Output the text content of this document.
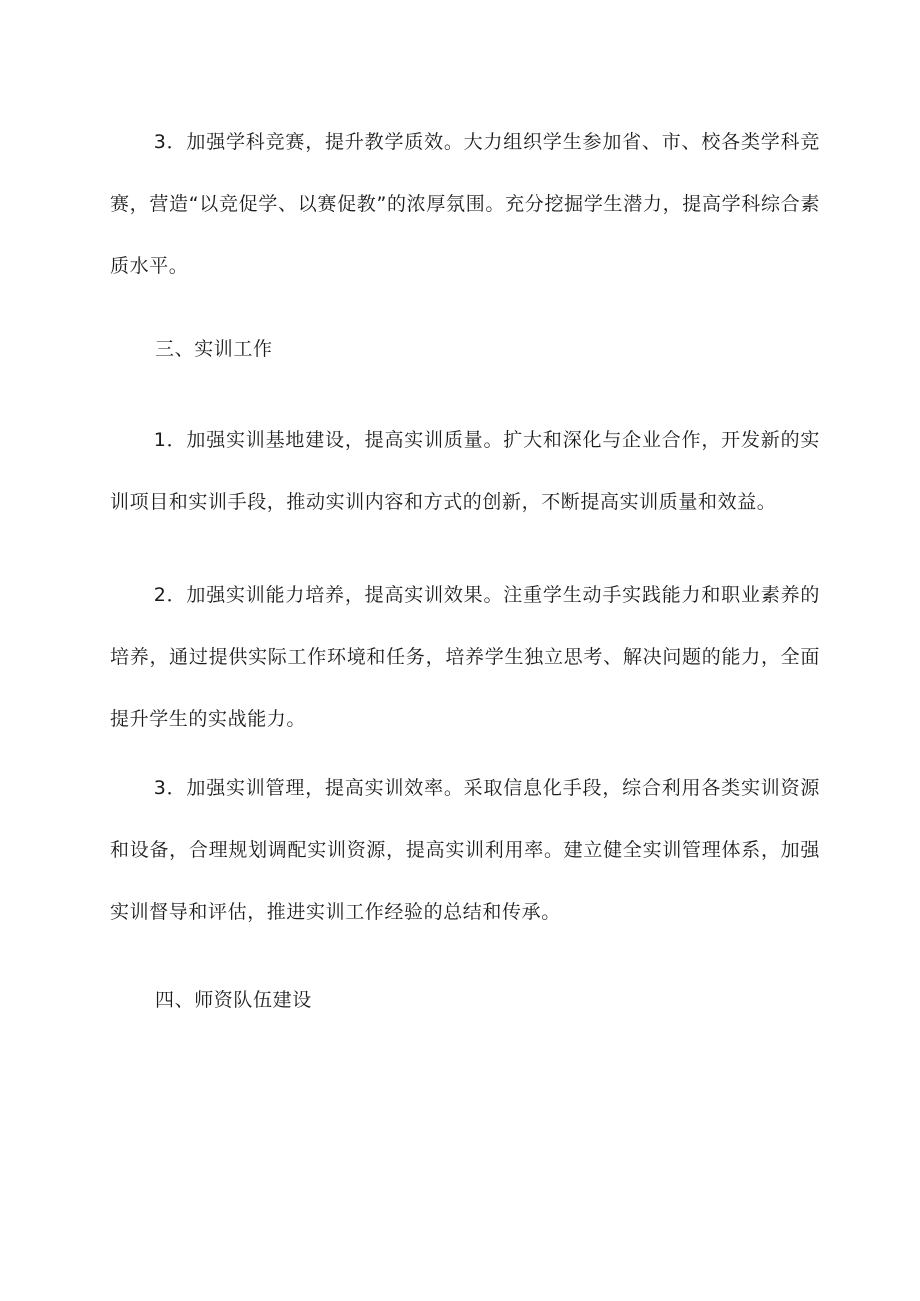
3．加强学科竞赛，提升教学质效。大力组织学生参加省、市、校各类学科竞赛，营造“以竞促学、以赛促教”的浓厚氛围。充分挖掘学生潜力，提高学科综合素质水平。

三、实训工作

1．加强实训基地建设，提高实训质量。扩大和深化与企业合作，开发新的实训项目和实训手段，推动实训内容和方式的创新，不断提高实训质量和效益。

2．加强实训能力培养，提高实训效果。注重学生动手实践能力和职业素养的培养，通过提供实际工作环境和任务，培养学生独立思考、解决问题的能力，全面提升学生的实战能力。

3．加强实训管理，提高实训效率。采取信息化手段，综合利用各类实训资源和设备，合理规划调配实训资源，提高实训利用率。建立健全实训管理体系，加强实训督导和评估，推进实训工作经验的总结和传承。

四、师资队伍建设
